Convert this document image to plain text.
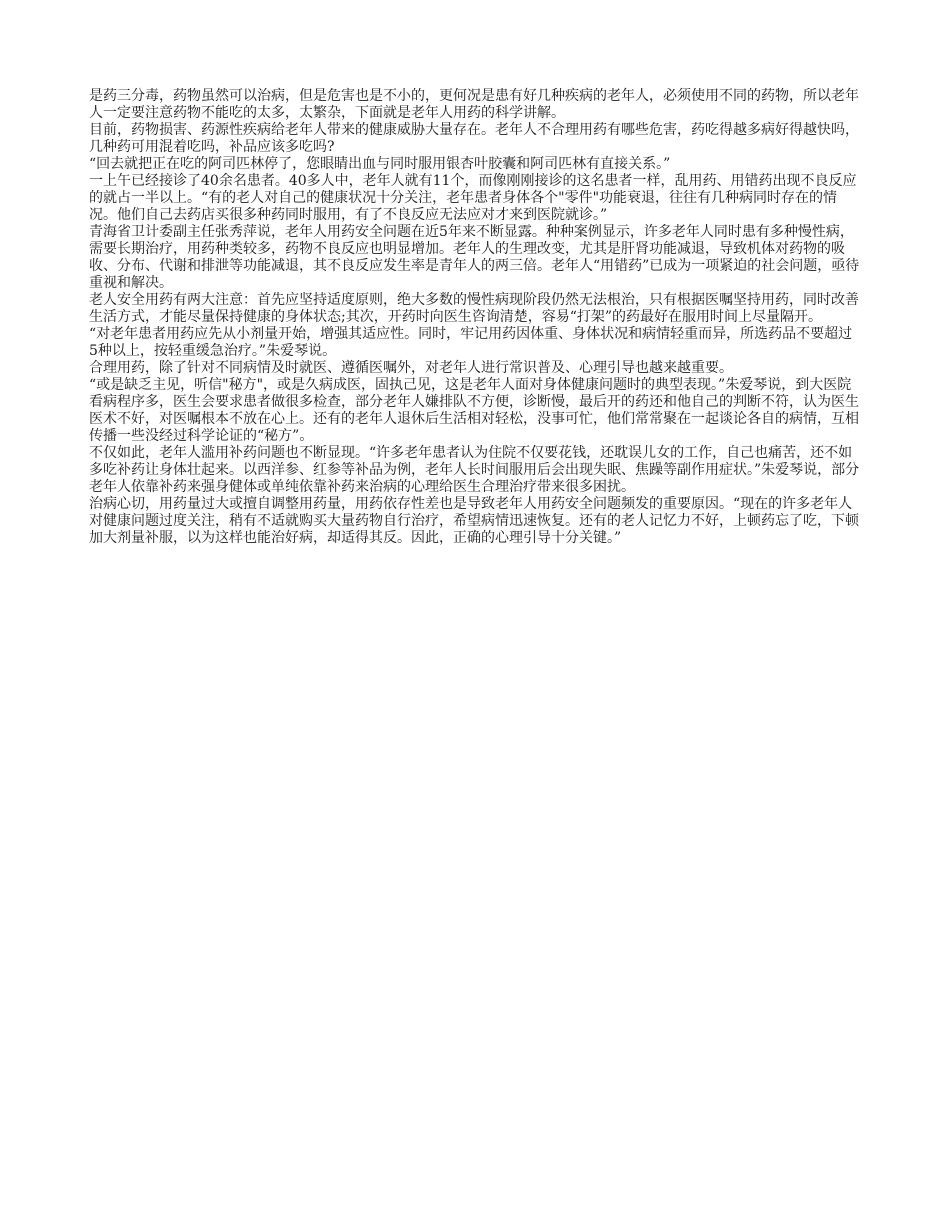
是药三分毒，药物虽然可以治病，但是危害也是不小的，更何况是患有好几种疾病的老年人，必须使用不同的药物，所以老年人一定要注意药物不能吃的太多，太繁杂，下面就是老年人用药的科学讲解。

目前，药物损害、药源性疾病给老年人带来的健康威胁大量存在。老年人不合理用药有哪些危害，药吃得越多病好得越快吗，几种药可用混着吃吗，补品应该多吃吗?

“回去就把正在吃的阿司匹林停了，您眼睛出血与同时服用银杏叶胶囊和阿司匹林有直接关系。”

一上午已经接诊了40余名患者。40多人中，老年人就有11个，而像刚刚接诊的这名患者一样，乱用药、用错药出现不良反应的就占一半以上。“有的老人对自己的健康状况十分关注，老年患者身体各个"零件"功能衰退，往往有几种病同时存在的情况。他们自己去药店买很多种药同时服用，有了不良反应无法应对才来到医院就诊。”

青海省卫计委副主任张秀萍说，老年人用药安全问题在近5年来不断显露。种种案例显示，许多老年人同时患有多种慢性病，需要长期治疗，用药种类较多，药物不良反应也明显增加。老年人的生理改变，尤其是肝肾功能减退，导致机体对药物的吸收、分布、代谢和排泄等功能减退，其不良反应发生率是青年人的两三倍。老年人“用错药”已成为一项紧迫的社会问题，亟待重视和解决。

老人安全用药有两大注意：首先应坚持适度原则，绝大多数的慢性病现阶段仍然无法根治，只有根据医嘱坚持用药，同时改善生活方式，才能尽量保持健康的身体状态;其次，开药时向医生咨询清楚，容易“打架”的药最好在服用时间上尽量隔开。

“对老年患者用药应先从小剂量开始，增强其适应性。同时，牢记用药因体重、身体状况和病情轻重而异，所选药品不要超过5种以上，按轻重缓急治疗。”朱爱琴说。

合理用药，除了针对不同病情及时就医、遵循医嘱外，对老年人进行常识普及、心理引导也越来越重要。

“或是缺乏主见，听信"秘方"，或是久病成医，固执己见，这是老年人面对身体健康问题时的典型表现。”朱爱琴说，到大医院看病程序多，医生会要求患者做很多检查，部分老年人嫌排队不方便，诊断慢，最后开的药还和他自己的判断不符，认为医生医术不好，对医嘱根本不放在心上。还有的老年人退休后生活相对轻松，没事可忙，他们常常聚在一起谈论各自的病情，互相传播一些没经过科学论证的“秘方”。

不仅如此，老年人滥用补药问题也不断显现。“许多老年患者认为住院不仅要花钱，还耽误儿女的工作，自己也痛苦，还不如多吃补药让身体壮起来。以西洋参、红参等补品为例，老年人长时间服用后会出现失眠、焦躁等副作用症状。”朱爱琴说，部分老年人依靠补药来强身健体或单纯依靠补药来治病的心理给医生合理治疗带来很多困扰。

治病心切，用药量过大或擅自调整用药量，用药依存性差也是导致老年人用药安全问题频发的重要原因。“现在的许多老年人对健康问题过度关注，稍有不适就购买大量药物自行治疗，希望病情迅速恢复。还有的老人记忆力不好，上顿药忘了吃，下顿加大剂量补服，以为这样也能治好病，却适得其反。因此，正确的心理引导十分关键。”
